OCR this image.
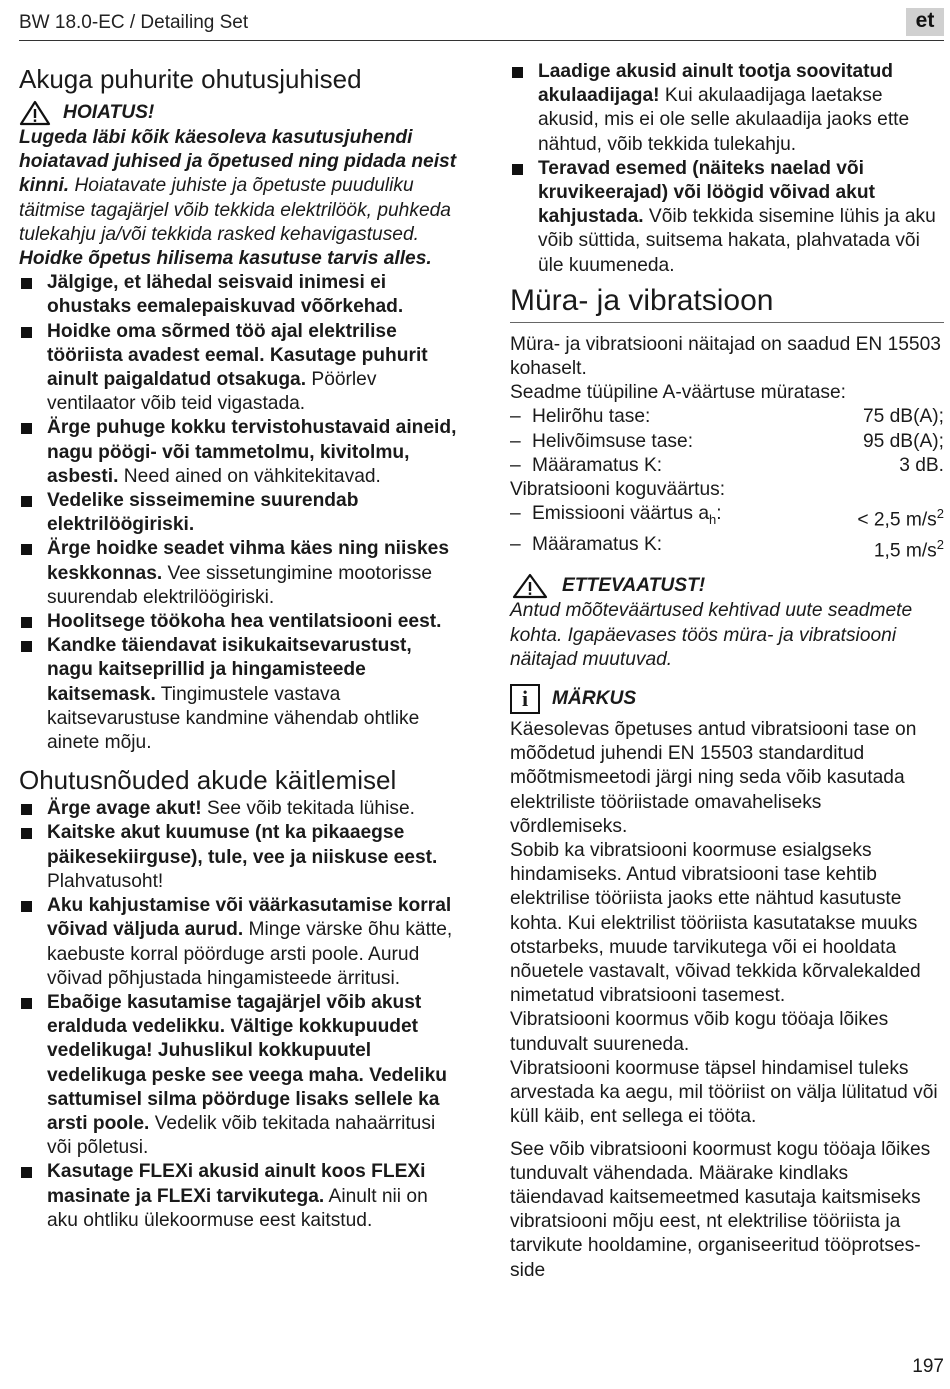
BW 18.0-EC / Detailing Set	et
Akuga puhurite ohutusjuhised
HOIATUS!
Lugeda läbi kõik käesoleva kasutusjuhendi hoiatavad juhised ja õpetused ning pidada neist kinni. Hoiatavate juhiste ja õpetuste puuduliku täitmise tagajärjel võib tekkida elektrilöök, puhkeda tulekahju ja/või tekkida rasked kehavigastused. Hoidke õpetus hilisema kasutuse tarvis alles.
Jälgige, et lähedal seisvaid inimesi ei ohustaks eemalepaiskuvad võõrkehad.
Hoidke oma sõrmed töö ajal elektrilise tööriista avadest eemal. Kasutage puhurit ainult paigaldatud otsakuga. Pöörlev ventilaator võib teid vigastada.
Ärge puhuge kokku tervistohustavaid aineid, nagu pöögi- või tammetolmu, kivitolmu, asbesti. Need ained on vähkitekitavad.
Vedelike sisseimemine suurendab elektrilöögiriski.
Ärge hoidke seadet vihma käes ning niiskes keskkonnas. Vee sissetungimine mootorisse suurendab elektrilöögiriski.
Hoolitsege töökoha hea ventilatsiooni eest.
Kandke täiendavat isikukaitsevarustust, nagu kaitseprillid ja hingamisteede kaitsemask. Tingimustele vastava kaitsevarustuse kandmine vähendab ohtlike ainete mõju.
Ohutusnõuded akude käitlemisel
Ärge avage akut! See võib tekitada lühise.
Kaitske akut kuumuse (nt ka pikaaegse päikesekiirguse), tule, vee ja niiskuse eest. Plahvatusoht!
Aku kahjustamise või väärkasutamise korral võivad väljuda aurud. Minge värske õhu kätte, kaebuste korral pöörduge arsti poole. Aurud võivad põhjustada hingamisteede ärritusi.
Ebaõige kasutamise tagajärjel võib akust eralduda vedelikku. Vältige kokkupuudet vedelikuga! Juhuslikul kokkupuutel vedelikuga peske see veega maha. Vedeliku sattumisel silma pöörduge lisaks sellele ka arsti poole. Vedelik võib tekitada nahaärritusi või põletusi.
Kasutage FLEXi akusid ainult koos FLEXi masinate ja FLEXi tarvikutega. Ainult nii on aku ohtliku ülekoormuse eest kaitstud.
Laadige akusid ainult tootja soovitatud akulaadijaga! Kui akulaadijaga laetakse akusid, mis ei ole selle akulaadija jaoks ette nähtud, võib tekkida tulekahju.
Teravad esemed (näiteks naelad või kruvikeerajad) või löögid võivad akut kahjustada. Võib tekkida sisemine lühis ja aku võib süttida, suitsema hakata, plahvatada või üle kuumeneda.
Müra- ja vibratsioon
Müra- ja vibratsiooni näitajad on saadud EN 15503 kohaselt.
Seadme tüüpiline A-väärtuse müratase:
– Helirõhu tase:	75 dB(A);
– Helivõimsuse tase:	95 dB(A);
– Määramatus K:	3 dB.
Vibratsiooni koguväärtus:
– Emissiooni väärtus $a_h$:	< 2,5 $m/s^2$
– Määramatus K:	1,5 $m/s^2$
ETTEVAATUST!
Antud mõõteväärtused kehtivad uute seadmete kohta. Igapäevases töös müra- ja vibratsiooni näitajad muutuvad.
i	MÄRKUS
Käesolevas õpetuses antud vibratsiooni tase on mõõdetud juhendi EN 15503 standarditud mõõtmismeetodi järgi ning seda võib kasutada elektriliste tööriistade omavaheliseks võrdlemiseks.
Sobib ka vibratsiooni koormuse esialgseks hindamiseks. Antud vibratsiooni tase kehtib elektrilise tööriista jaoks ette nähtud kasutuste kohta. Kui elektrilist tööriista kasutatakse muuks otstarbeks, muude tarvikutega või ei hooldata nõuetele vastavalt, võivad tekkida kõrvalekalded nimetatud vibratsiooni tasemest.
Vibratsiooni koormus võib kogu tööaja lõikes tunduvalt suureneda.
Vibratsiooni koormuse täpsel hindamisel tuleks arvestada ka aegu, mil tööriist on välja lülitatud või küll käib, ent sellega ei tööta.
See võib vibratsiooni koormust kogu tööaja lõikes tunduvalt vähendada. Määrake kindlaks täiendavad kaitsemeetmed kasutaja kaitsmiseks vibratsiooni mõju eest, nt elektrilise tööriista ja tarvikute hooldamine, organiseeritud tööprotses-side
197
